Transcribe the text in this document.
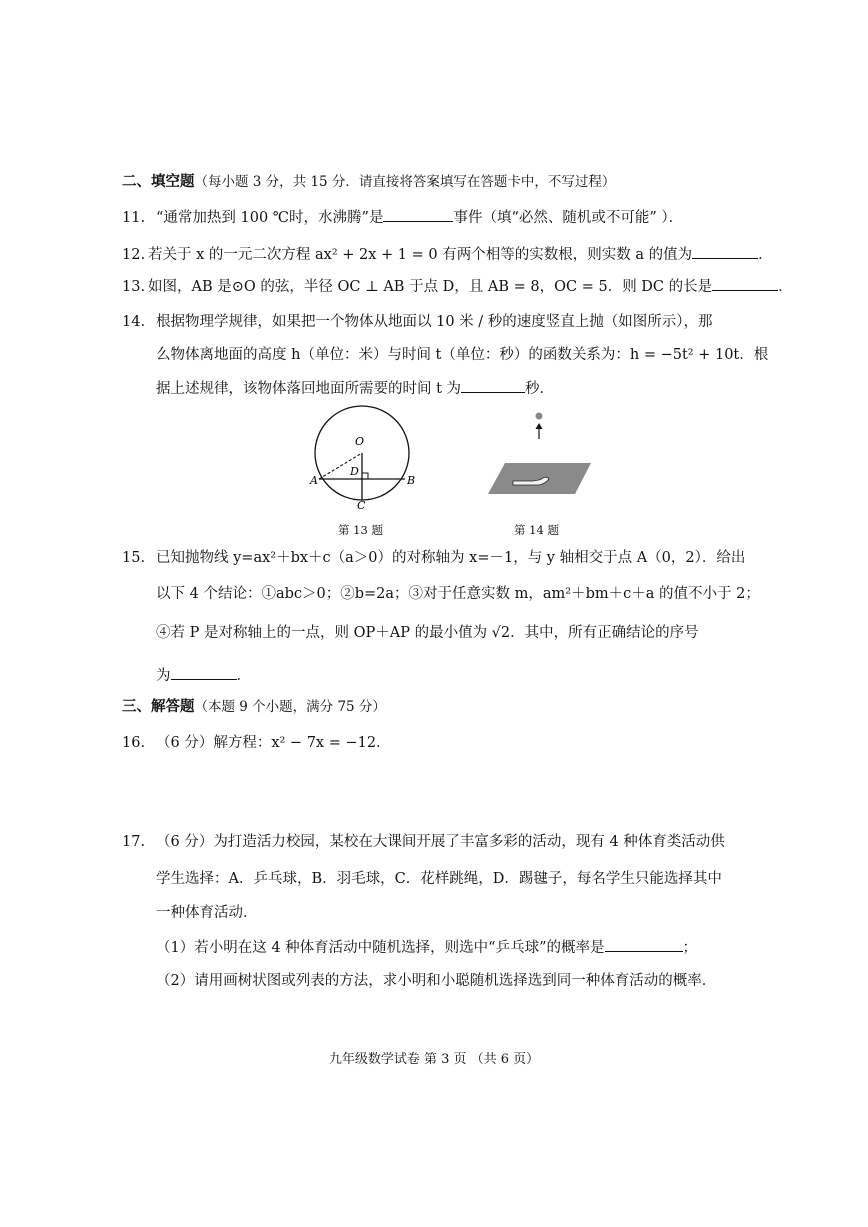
二、填空题（每小题 3 分，共 15 分．请直接将答案填写在答题卡中，不写过程）
11. “通常加热到 100 ℃时，水沸腾”是	事件（填“必然、随机或不可能” ）．
12. 若关于 x 的一元二次方程 ax² + 2x + 1 = 0 有两个相等的实数根，则实数 a 的值为	．
13. 如图，AB 是⊙O 的弦，半径 OC ⊥ AB 于点 D，且 AB = 8，OC = 5．则 DC 的长是	．
14. 根据物理学规律，如果把一个物体从地面以 10 米 / 秒的速度竖直上抛（如图所示），那
么物体离地面的高度 h（单位：米）与时间 t（单位：秒）的函数关系为：h = −5t² + 10t．根
据上述规律，该物体落回地面所需要的时间 t 为	秒．
O
D
A	B
C
第 13 题	第 14 题
15. 已知抛物线 y=ax²＋bx＋c（a＞0）的对称轴为 x=－1，与 y 轴相交于点 A（0，2）．给出
以下 4 个结论：①abc＞0；②b=2a；③对于任意实数 m，am²＋bm＋c＋a 的值不小于 2；
④若 P 是对称轴上的一点，则 OP＋AP 的最小值为 √2．其中，所有正确结论的序号
为	．
三、解答题（本题 9 个小题，满分 75 分）
16. （6 分）解方程：x² − 7x = −12．
17. （6 分）为打造活力校园，某校在大课间开展了丰富多彩的活动，现有 4 种体育类活动供
学生选择：A．乒乓球，B．羽毛球，C．花样跳绳，D．踢毽子，每名学生只能选择其中
一种体育活动．
（1）若小明在这 4 种体育活动中随机选择，则选中“乒乓球”的概率是	；
（2）请用画树状图或列表的方法，求小明和小聪随机选择选到同一种体育活动的概率．
九年级数学试卷 第 3 页 （共 6 页）
